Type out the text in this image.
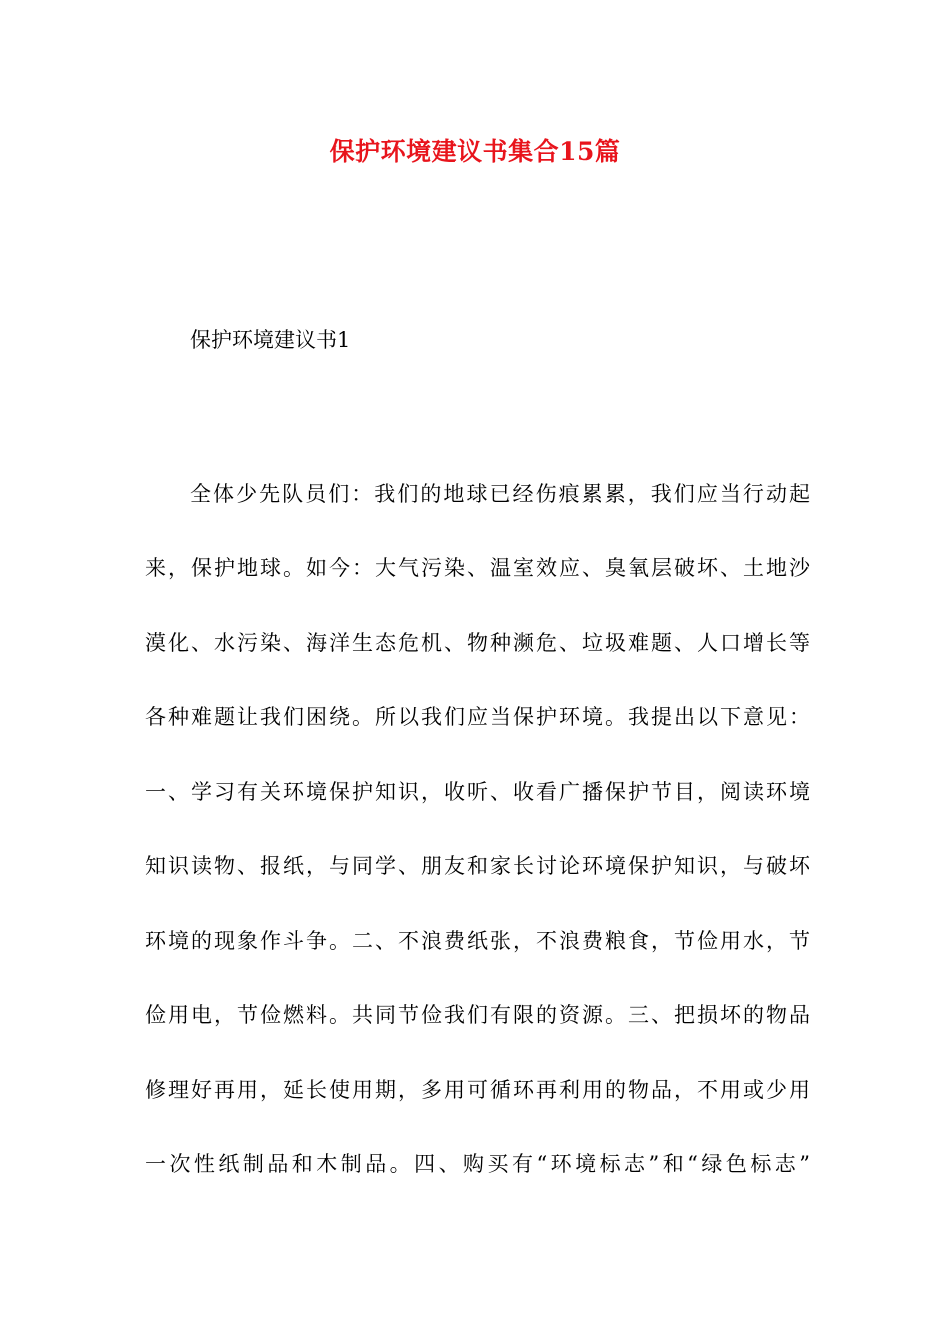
保护环境建议书集合15篇
保护环境建议书1
全体少先队员们：我们的地球已经伤痕累累，我们应当行动起
来，保护地球。如今：大气污染、温室效应、臭氧层破坏、土地沙
漠化、水污染、海洋生态危机、物种濒危、垃圾难题、人口增长等
各种难题让我们困绕。所以我们应当保护环境。我提出以下意见：
一、学习有关环境保护知识，收听、收看广播保护节目，阅读环境
知识读物、报纸，与同学、朋友和家长讨论环境保护知识，与破坏
环境的现象作斗争。二、不浪费纸张，不浪费粮食，节俭用水，节
俭用电，节俭燃料。共同节俭我们有限的资源。三、把损坏的物品
修理好再用，延长使用期，多用可循环再利用的物品，不用或少用
一次性纸制品和木制品。四、购买有“环境标志”和“绿色标志”
